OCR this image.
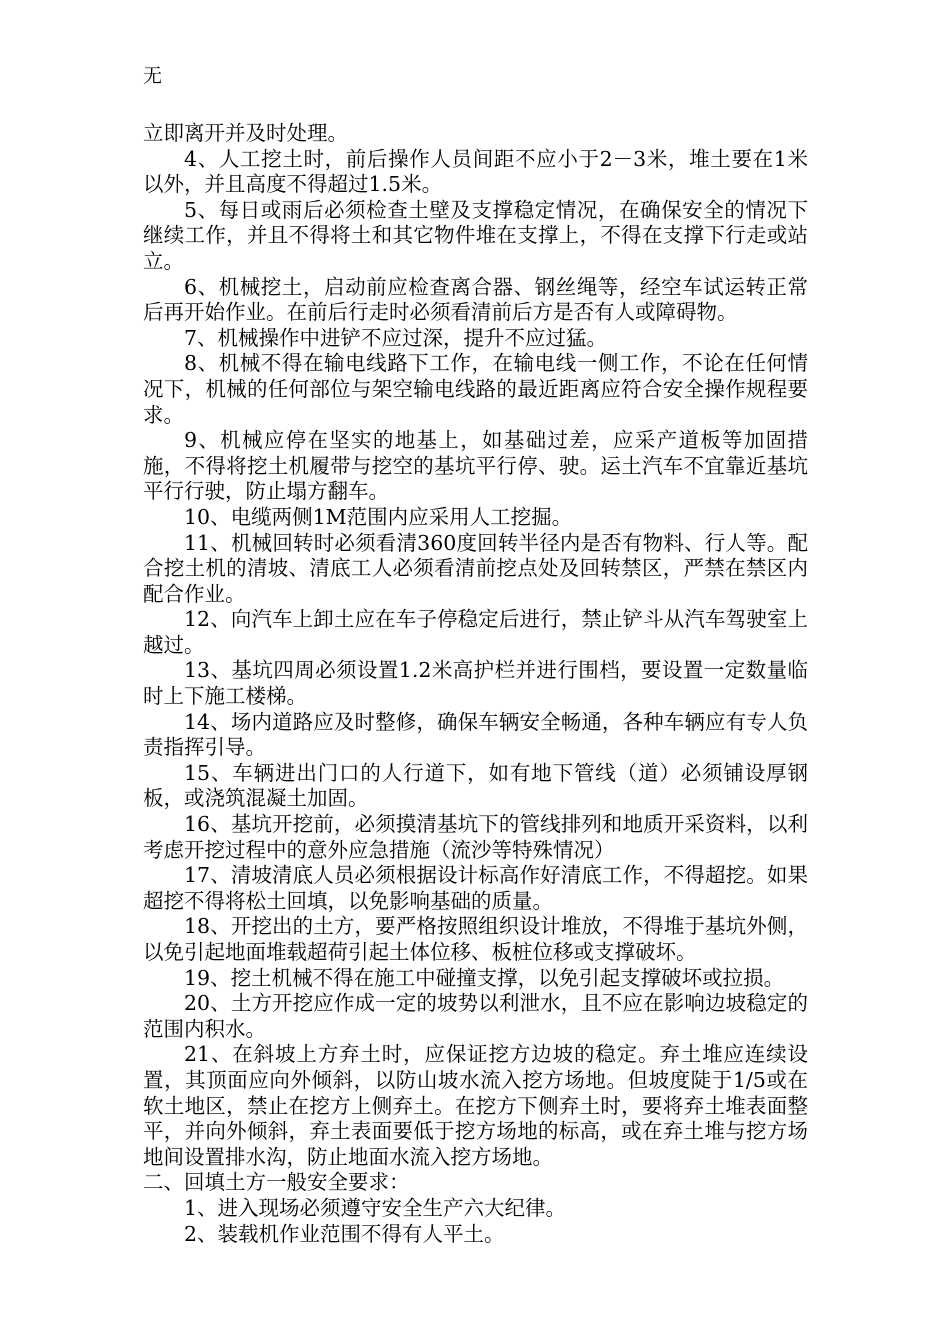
无

立即离开并及时处理。

4、人工挖土时，前后操作人员间距不应小于2－3米，堆土要在1米以外，并且高度不得超过1.5米。

5、每日或雨后必须检查土壁及支撑稳定情况，在确保安全的情况下继续工作，并且不得将土和其它物件堆在支撑上，不得在支撑下行走或站立。

6、机械挖土，启动前应检查离合器、钢丝绳等，经空车试运转正常后再开始作业。在前后行走时必须看清前后方是否有人或障碍物。

7、机械操作中进铲不应过深，提升不应过猛。

8、机械不得在输电线路下工作，在输电线一侧工作，不论在任何情况下，机械的任何部位与架空输电线路的最近距离应符合安全操作规程要求。

9、机械应停在坚实的地基上，如基础过差，应采产道板等加固措施，不得将挖土机履带与挖空的基坑平行停、驶。运土汽车不宜靠近基坑平行行驶，防止塌方翻车。

10、电缆两侧1M范围内应采用人工挖掘。

11、机械回转时必须看清360度回转半径内是否有物料、行人等。配合挖土机的清坡、清底工人必须看清前挖点处及回转禁区，严禁在禁区内配合作业。

12、向汽车上卸土应在车子停稳定后进行，禁止铲斗从汽车驾驶室上越过。

13、基坑四周必须设置1.2米高护栏并进行围档，要设置一定数量临时上下施工楼梯。

14、场内道路应及时整修，确保车辆安全畅通，各种车辆应有专人负责指挥引导。

15、车辆进出门口的人行道下，如有地下管线（道）必须铺设厚钢板，或浇筑混凝土加固。

16、基坑开挖前，必须摸清基坑下的管线排列和地质开采资料，以利考虑开挖过程中的意外应急措施（流沙等特殊情况）

17、清坡清底人员必须根据设计标高作好清底工作，不得超挖。如果超挖不得将松土回填，以免影响基础的质量。

18、开挖出的土方，要严格按照组织设计堆放，不得堆于基坑外侧，以免引起地面堆载超荷引起土体位移、板桩位移或支撑破坏。

19、挖土机械不得在施工中碰撞支撑，以免引起支撑破坏或拉损。

20、土方开挖应作成一定的坡势以利泄水，且不应在影响边坡稳定的范围内积水。

21、在斜坡上方弃土时，应保证挖方边坡的稳定。弃土堆应连续设置，其顶面应向外倾斜，以防山坡水流入挖方场地。但坡度陡于1/5或在软土地区，禁止在挖方上侧弃土。在挖方下侧弃土时，要将弃土堆表面整平，并向外倾斜，弃土表面要低于挖方场地的标高，或在弃土堆与挖方场地间设置排水沟，防止地面水流入挖方场地。

二、回填土方一般安全要求：

1、进入现场必须遵守安全生产六大纪律。

2、装载机作业范围不得有人平土。
